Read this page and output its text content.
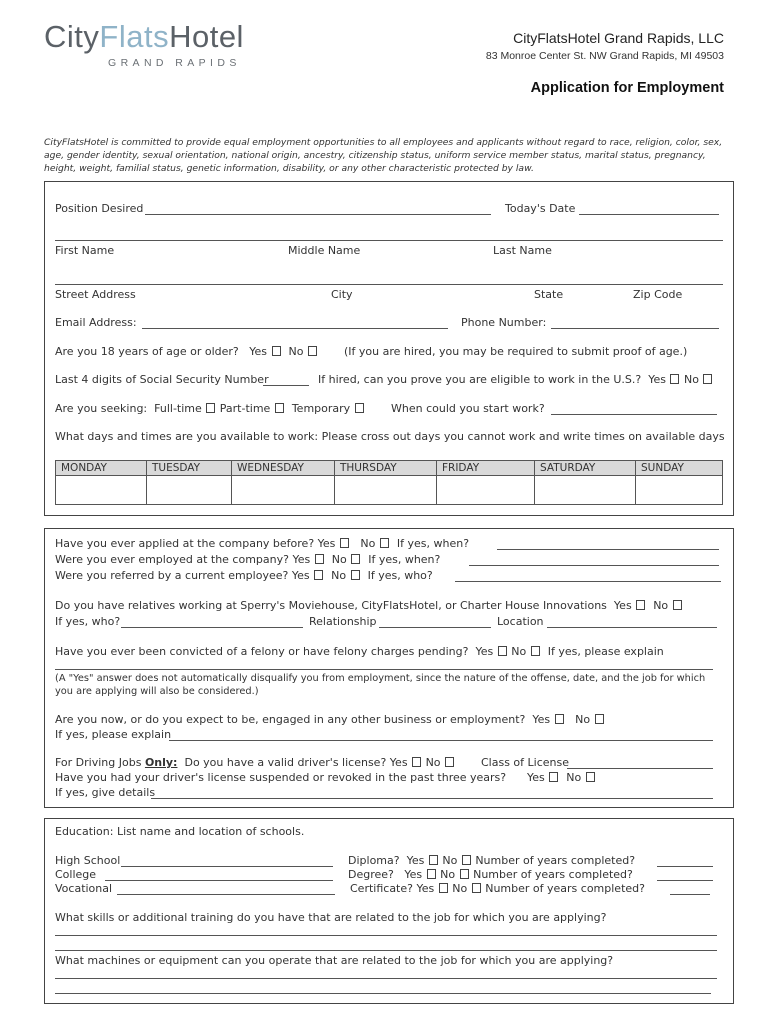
CityFlatsHotel
GRAND RAPIDS
CityFlatsHotel Grand Rapids, LLC
83 Monroe Center St. NW Grand Rapids, MI 49503
Application for Employment
CityFlatsHotel is committed to provide equal employment opportunities to all employees and applicants without regard to race, religion, color, sex, age, gender identity, sexual orientation, national origin, ancestry, citizenship status, uniform service member status, marital status, pregnancy, height, weight, familial status, genetic information, disability, or any other characteristic protected by law.
Position Desired	Today's Date
First Name	Middle Name	Last Name
Street Address	City	State	Zip Code
Email Address:	Phone Number:
Are you 18 years of age or older? Yes No	(If you are hired, you may be required to submit proof of age.)
Last 4 digits of Social Security Number	If hired, can you prove you are eligible to work in the U.S.? Yes No
Are you seeking: Full-time Part-time Temporary	When could you start work?
What days and times are you available to work: Please cross out days you cannot work and write times on available days
MONDAY	TUESDAY	WEDNESDAY	THURSDAY	FRIDAY	SATURDAY	SUNDAY

Have you ever applied at the company before? Yes No If yes, when?
Were you ever employed at the company? Yes No If yes, when?
Were you referred by a current employee? Yes No If yes, who?
Do you have relatives working at Sperry's Moviehouse, CityFlatsHotel, or Charter House Innovations Yes No
If yes, who?	Relationship	Location
Have you ever been convicted of a felony or have felony charges pending? Yes No If yes, please explain
(A "Yes" answer does not automatically disqualify you from employment, since the nature of the offense, date, and the job for which you are applying will also be considered.)
Are you now, or do you expect to be, engaged in any other business or employment? Yes No
If yes, please explain
For Driving Jobs Only: Do you have a valid driver's license? Yes No	Class of License
Have you had your driver's license suspended or revoked in the past three years? Yes No
If yes, give details
Education: List name and location of schools.
High School	Diploma? Yes No Number of years completed?
College	Degree? Yes No Number of years completed?
Vocational	Certificate? Yes No Number of years completed?
What skills or additional training do you have that are related to the job for which you are applying?
What machines or equipment can you operate that are related to the job for which you are applying?
